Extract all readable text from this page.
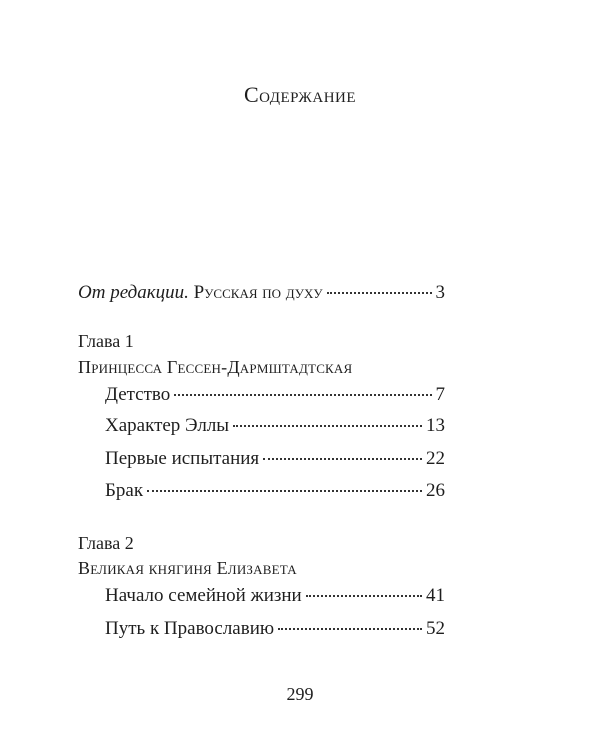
Содержание
От редакции. Русская по духу	3
Глава 1
Принцесса Гессен-Дармштадтская
Детство	7
Характер Эллы	13
Первые испытания	22
Брак	26
Глава 2
Великая княгиня Елизавета
Начало семейной жизни	41
Путь к Православию	52
299
